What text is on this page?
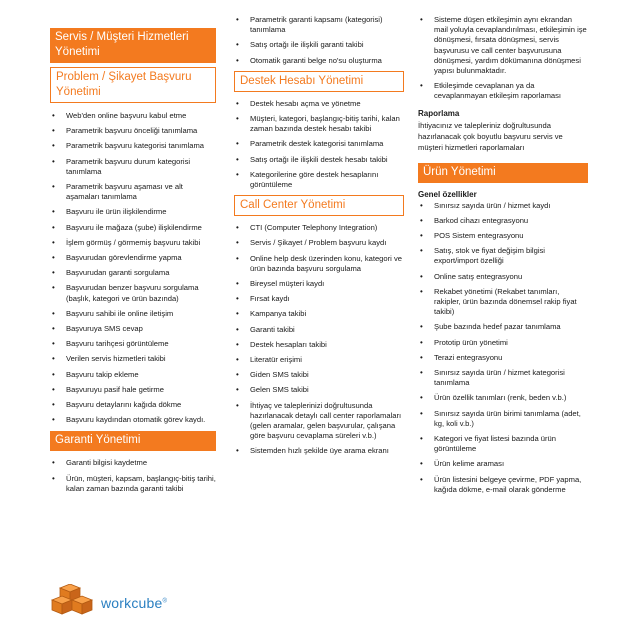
Servis / Müşteri Hizmetleri Yönetimi
Problem / Şikayet Başvuru Yönetimi
• Web'den online başvuru kabul etme
• Parametrik başvuru önceliği tanımlama
• Parametrik başvuru kategorisi tanımlama
• Parametrik başvuru durum kategorisi tanımlama
• Parametrik başvuru aşaması ve alt aşamaları tanımlama
• Başvuru ile ürün ilişkilendirme
• Başvuru ile mağaza (şube) ilişkilendirme
• İşlem görmüş / görmemiş başvuru takibi
• Başvurudan görevlendirme yapma
• Başvurudan garanti sorgulama
• Başvurudan benzer başvuru sorgulama (başlık, kategori ve ürün bazında)
• Başvuru sahibi ile online iletişim
• Başvuruya SMS cevap
• Başvuru tarihçesi görüntüleme
• Verilen servis hizmetleri takibi
• Başvuru takip ekleme
• Başvuruyu pasif hale getirme
• Başvuru detaylarını kağıda dökme
• Başvuru kaydından otomatik görev kaydı.
Garanti Yönetimi
• Garanti bilgisi kaydetme
• Ürün, müşteri, kapsam, başlangıç-bitiş tarihi, kalan zaman bazında garanti takibi
• Parametrik garanti kapsamı (kategorisi) tanımlama
• Satış ortağı ile ilişkili garanti takibi
• Otomatik garanti belge no'su oluşturma
Destek Hesabı Yönetimi
• Destek hesabı açma ve yönetme
• Müşteri, kategori, başlangıç-bitiş tarihi, kalan zaman bazında destek hesabı takibi
• Parametrik destek kategorisi tanımlama
• Satış ortağı ile ilişkili destek hesabı takibi
• Kategorilerine göre destek hesaplarını görüntüleme
Call Center Yönetimi
• CTI (Computer Telephony Integration)
• Servis / Şikayet / Problem başvuru kaydı
• Online help desk üzerinden konu, kategori ve ürün bazında başvuru sorgulama
• Bireysel müşteri kaydı
• Fırsat kaydı
• Kampanya takibi
• Garanti takibi
• Destek hesapları takibi
• Literatür erişimi
• Giden SMS takibi
• Gelen SMS takibi
• İhtiyaç ve taleplerinizi doğrultusunda hazırlanacak detaylı call center raporlamaları (gelen aramalar, gelen başvurular, çalışana göre başvuru cevaplama süreleri v.b.)
• Sistemden hızlı şekilde üye arama ekranı
• Sisteme düşen etkileşimin aynı ekrandan mail yoluyla cevaplandırılması, etkileşimin işe dönüşmesi, fırsata dönüşmesi, servis başvurusu ve call center başvurusuna dönüşmesi, yardım dökümanına dönüşmesi yapısı bulunmaktadır.
• Etkileşimde cevaplanan ya da cevaplanmayan etkileşim raporlaması
Raporlama

İhtiyacınız ve talepleriniz doğrultusunda hazırlanacak çok boyutlu başvuru servis ve müşteri hizmetleri raporlamaları

Ürün Yönetimi
Genel özellikler
• Sınırsız sayıda ürün / hizmet kaydı
• Barkod cihazı entegrasyonu
• POS Sistem entegrasyonu
• Satış, stok ve fiyat değişim bilgisi export/import özelliği
• Online satış entegrasyonu
• Rekabet yönetimi (Rekabet tanımları, rakipler, ürün bazında dönemsel rakip fiyat takibi)
• Şube bazında hedef pazar tanımlama
• Prototip ürün yönetimi
• Terazi entegrasyonu
• Sınırsız sayıda ürün / hizmet kategorisi tanımlama
• Ürün özellik tanımları (renk, beden v.b.)
• Sınırsız sayıda ürün birimi tanımlama (adet, kg, koli v.b.)
• Kategori ve fiyat listesi bazında ürün görüntüleme
• Ürün kelime araması
• Ürün listesini belgeye çevirme, PDF yapma, kağıda dökme, e-mail olarak gönderme
workcube®
